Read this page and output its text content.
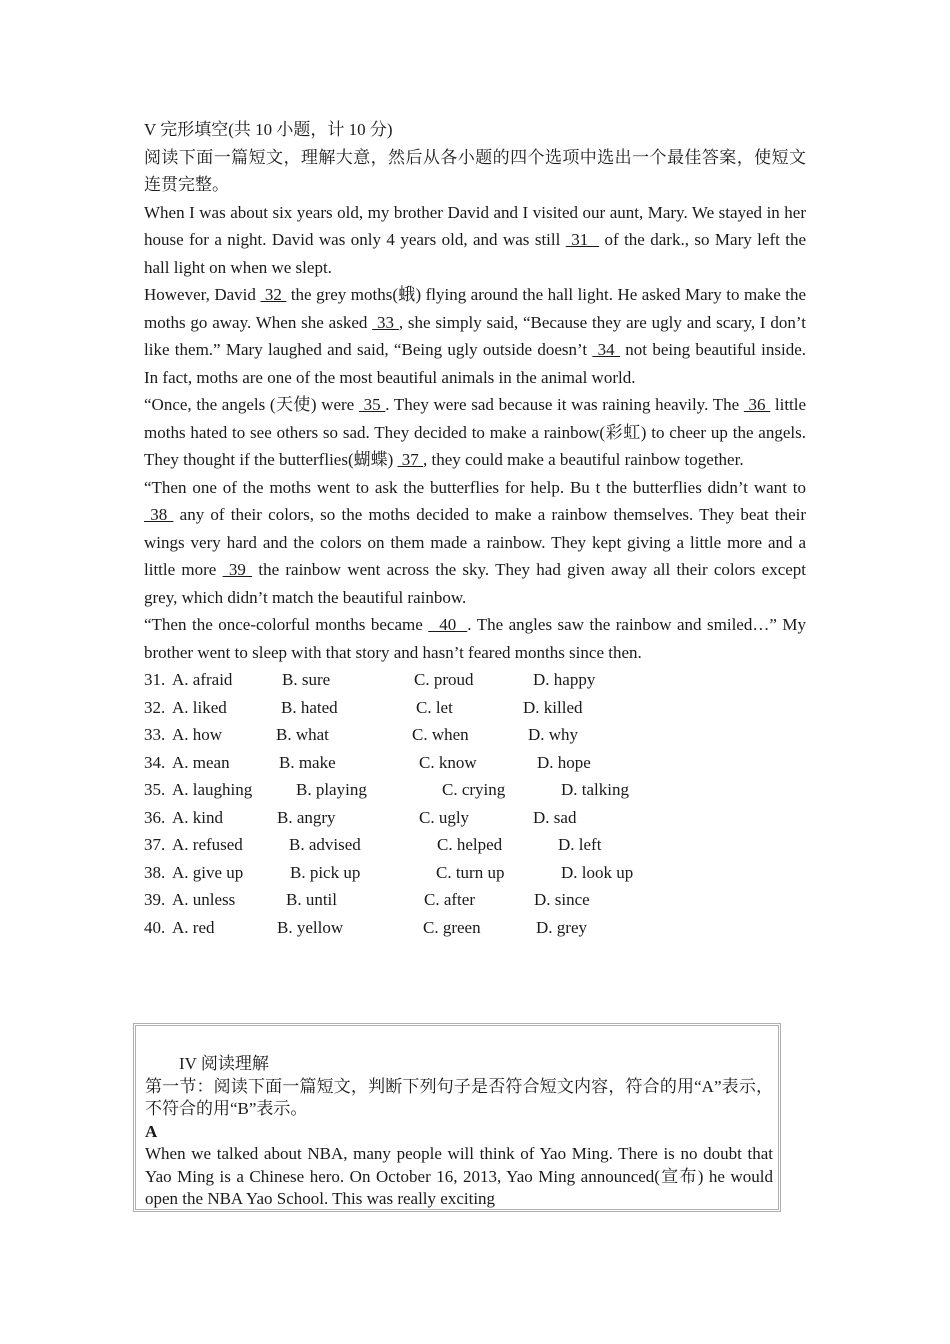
V 完形填空(共 10 小题，计 10 分)

阅读下面一篇短文，理解大意，然后从各小题的四个选项中选出一个最佳答案，使短文连贯完整。

When I was about six years old, my brother David and I visited our aunt, Mary. We stayed in her house for a night. David was only 4 years old, and was still  31   of the dark., so Mary left the hall light on when we slept.

However, David  32  the grey moths(蛾) flying around the hall light. He asked Mary to make the moths go away. When she asked  33 , she simply said, “Because they are ugly and scary, I don’t like them.” Mary laughed and said, “Being ugly outside doesn’t  34  not being beautiful inside. In fact, moths are one of the most beautiful animals in the animal world.

“Once, the angels (天使) were  35 . They were sad because it was raining heavily. The  36  little moths hated to see others so sad. They decided to make a rainbow(彩虹) to cheer up the angels. They thought if the butterflies(蝴蝶)  37 , they could make a beautiful rainbow together.

“Then one of the moths went to ask the butterflies for help. Bu t the butterflies didn’t want to  38  any of their colors, so the moths decided to make a rainbow themselves. They beat their wings very hard and the colors on them made a rainbow. They kept giving a little more and a little more  39  the rainbow went across the sky. They had given away all their colors except grey, which didn’t match the beautiful rainbow.

“Then the once-colorful months became   40  . The angles saw the rainbow and smiled…” My brother went to sleep with that story and hasn’t feared months since then.

31. A. afraid	B. sure	C. proud	D. happy
32. A. liked	B. hated	C. let	D. killed
33. A. how	B. what	C. when	D. why
34. A. mean	B. make	C. know	D. hope
35. A. laughing	B. playing	C. crying	D. talking
36. A. kind	B. angry	C. ugly	D. sad
37. A. refused	B. advised	C. helped	D. left
38. A. give up	B. pick up	C. turn up	D. look up
39. A. unless	B. until	C. after	D. since
40. A. red	B. yellow	C. green	D. grey

IV 阅读理解

第一节：阅读下面一篇短文，判断下列句子是否符合短文内容，符合的用“A”表示，不符合的用“B”表示。

A

When we talked about NBA, many people will think of Yao Ming. There is no doubt that Yao Ming is a Chinese hero. On October 16, 2013, Yao Ming announced(宣布) he would open the NBA Yao School. This was really exciting
